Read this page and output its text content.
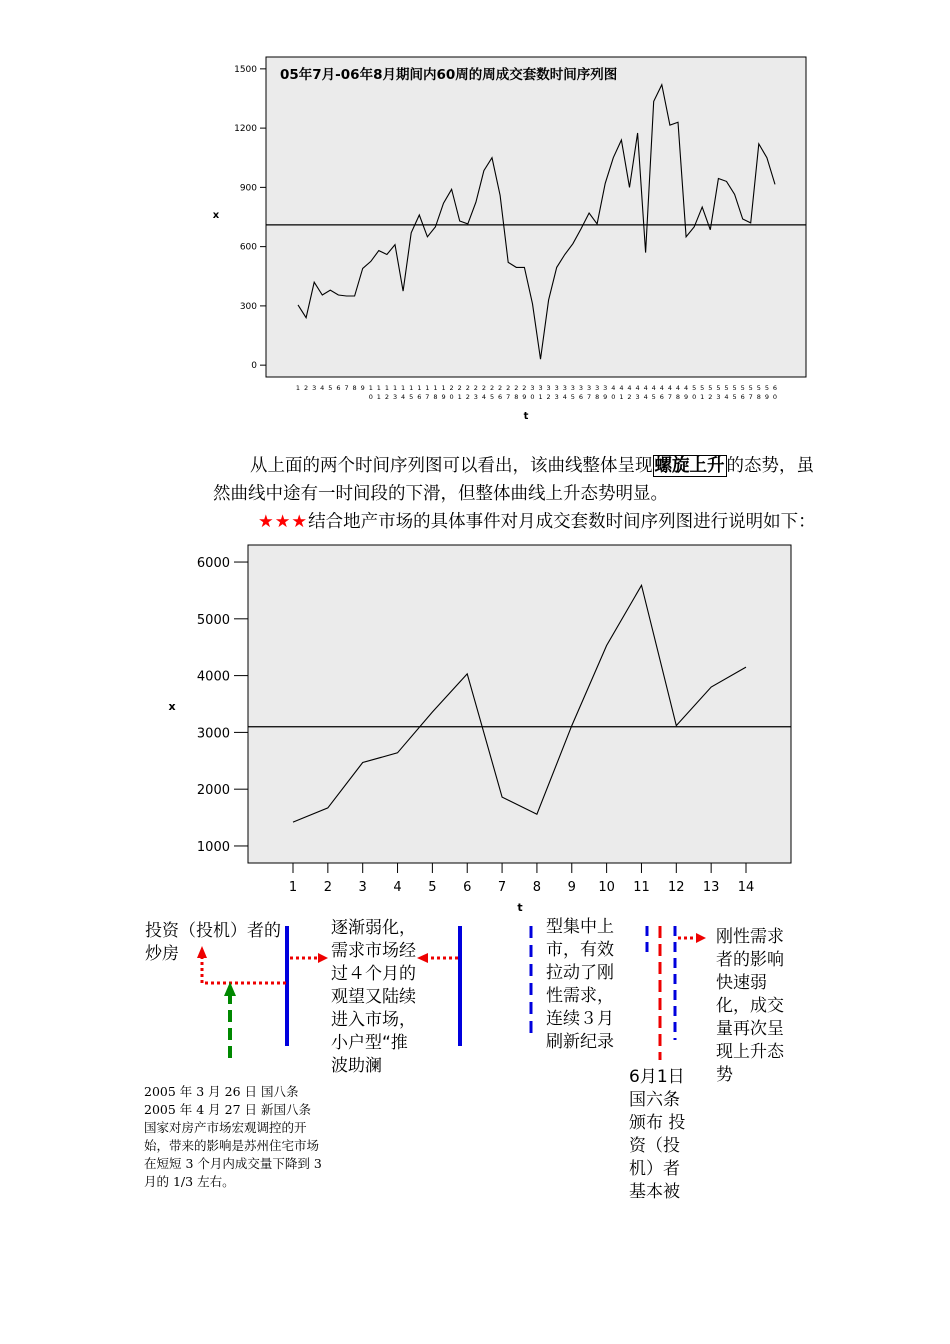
0
300
600
900
1200
1500
1 2 3 4 5 6 7 8 9 1
0
1
1
1
2
1
3
1
4
1
5
1
6
1
7
1
8
1
9
2
0
2
1
2
2
2
3
2
4
2
5
2
6
2
7
2
8
2
9
3
0
3
1
3
2
3
3
3
4
3
5
3
6
3
7
3
8
3
9
4
0
4
1
4
2
4
3
4
4
4
5
4
6
4
7
4
8
4
9
5
0
5
1
5
2
5
3
5
4
5
5
5
6
5
7
5
8
5
9
6
0
05年7月-06年8月期间内60周的周成交套数时间序列图
t
x
从上面的两个时间序列图可以看出，该曲线整体呈现 螺旋上升 的态势，虽
然曲线中途有一时间段的下滑，但整体曲线上升态势明显。
★★★结合地产市场的具体事件对月成交套数时间序列图进行说明如下：
1000
2000
3000
4000
5000
6000
1 2 3 4 5 6 7 8 9 10 11 12 13 14
t
x
投资（投机）者的炒房
逐渐弱化，需求市场经过４个月的观望又陆续进入市场，小户型“推波助澜
型集中上市，有效拉动了刚性需求，连续３月刷新纪录
刚性需求者的影响快速弱化，成交量再次呈现上升态势
6月1日 国六条颁布 投资（投机）者基本被
2005 年 3 月 26 日 国八条
2005 年 4 月 27 日 新国八条
国家对房产市场宏观调控的开始，带来的影响是苏州住宅市场在短短 3 个月内成交量下降到 3 月的 1/3 左右。
